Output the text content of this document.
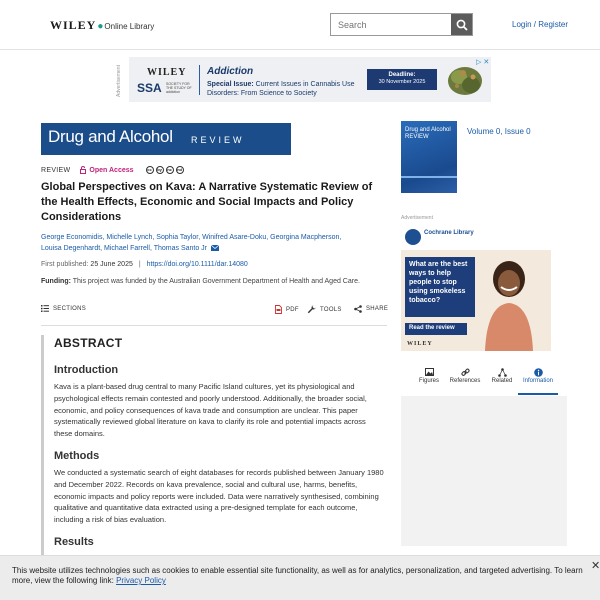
WILEY ● Online Library
Search	Login / Register
Advertisement	WILEY
SSA SOCIETY FOR THE STUDY OF addiction
Addiction
Special Issue: Current Issues in Cannabis Use Disorders: From Science to Society
Deadline:
30 November 2025
▷ ✕
Drug and Alcohol REVIEW
APSAD
REVIEW	Open Access	cc	by	nc	nd
Global Perspectives on Kava: A Narrative Systematic Review of the Health Effects, Economic and Social Impacts and Policy Considerations
George Economidis, Michelle Lynch, Sophia Taylor, Winifred Asare-Doku, Georgina Macpherson, Louisa Degenhardt, Michael Farrell, Thomas Santo Jr
First published: 25 June 2025 | https://doi.org/10.1111/dar.14080
Funding: This project was funded by the Australian Government Department of Health and Aged Care.
SECTIONS	PDF	TOOLS	SHARE
ABSTRACT
Introduction

Kava is a plant-based drug central to many Pacific Island cultures, yet its physiological and psychological effects remain contested and poorly understood. Additionally, the broader social, economic, and policy consequences of kava trade and consumption are unclear. This paper systematically reviewed global literature on kava to clarify its role and potential impacts across these domains.

Methods

We conducted a systematic search of eight databases for records published between January 1980 and December 2022. Records on kava prevalence, social and cultural use, harms, benefits, economic impacts and policy reports were included. Data were narratively synthesised, combining qualitative and quantitative data extracted using a pre-designed template for each outcome, including a risk of bias evaluation.

Results
Drug and Alcohol REVIEW
Volume 0, Issue 0
Advertisement
Cochrane Library
What are the best ways to help people to stop using smokeless tobacco?
Read the review
WILEY
Figures	References	Related	Information
This website utilizes technologies such as cookies to enable essential site functionality, as well as for analytics, personalization, and targeted advertising. To learn more, view the following link: Privacy Policy
✕
